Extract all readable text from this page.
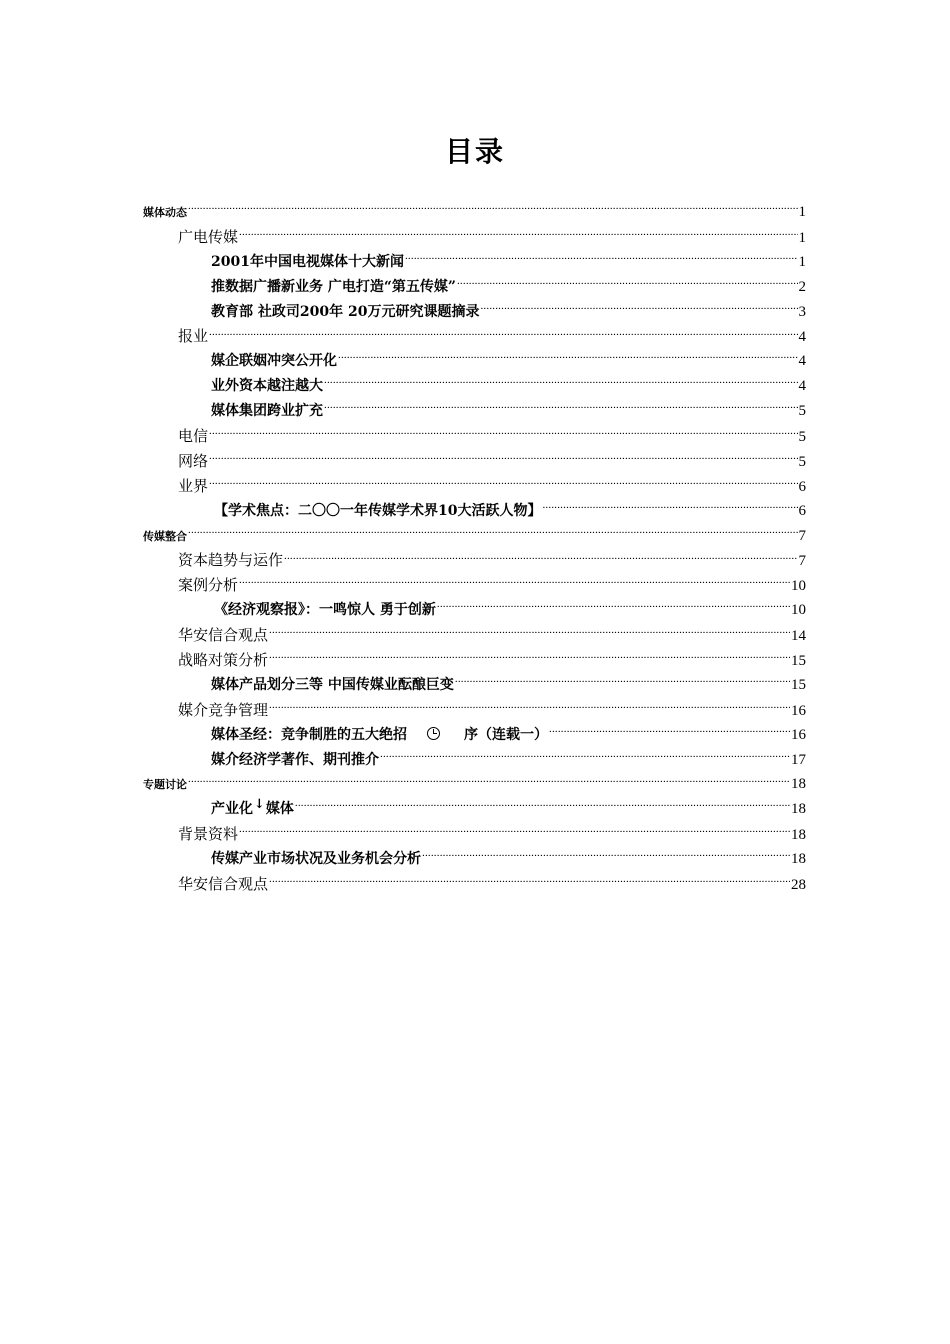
目录
媒体动态 .....	1
广电传媒 .....	1
2001年中国电视媒体十大新闻 .....	1
推数据广播新业务 广电打造“第五传媒” .....	2
教育部 社政司200年 20万元研究课题摘录 .....	3
报业 .....	4
媒企联姻冲突公开化 .....	4
业外资本越注越大 .....	4
媒体集团跨业扩充 .....	5
电信 .....	5
网络 .....	5
业界 .....	6
【学术焦点：二〇〇一年传媒学术界10大活跃人物】 .....	6
传媒整合 .....	7
资本趋势与运作 .....	7
案例分析 .....	10
《经济观察报》：一鸣惊人 勇于创新 .....	10
华安信合观点 .....	14
战略对策分析 .....	15
媒体产品划分三等 中国传媒业酝酿巨变 .....	15
媒介竞争管理 .....	16
媒体圣经：竞争制胜的五大绝招	序（连载一） .....	16
媒介经济学著作、期刊推介 .....	17
专题讨论 .....	18
产业化↓媒体 .....	18
背景资料 .....	18
传媒产业市场状况及业务机会分析 .....	18
华安信合观点 .....	28
